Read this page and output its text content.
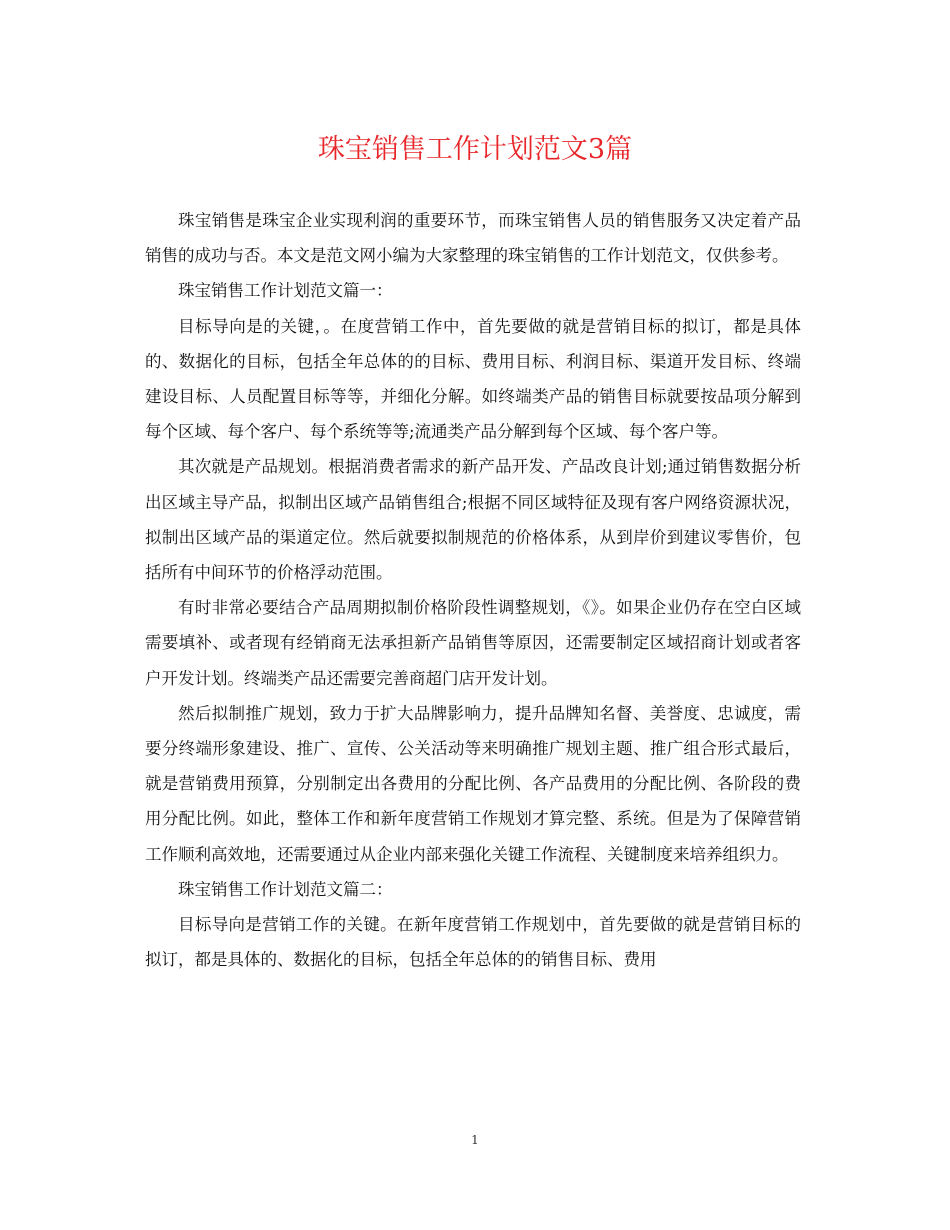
珠宝销售工作计划范文3篇

珠宝销售是珠宝企业实现利润的重要环节，而珠宝销售人员的销售服务又决定着产品销售的成功与否。本文是范文网小编为大家整理的珠宝销售的工作计划范文，仅供参考。

珠宝销售工作计划范文篇一：

目标导向是的关键，。在度营销工作中，首先要做的就是营销目标的拟订，都是具体的、数据化的目标，包括全年总体的的目标、费用目标、利润目标、渠道开发目标、终端建设目标、人员配置目标等等，并细化分解。如终端类产品的销售目标就要按品项分解到每个区域、每个客户、每个系统等等;流通类产品分解到每个区域、每个客户等。

其次就是产品规划。根据消费者需求的新产品开发、产品改良计划;通过销售数据分析出区域主导产品，拟制出区域产品销售组合;根据不同区域特征及现有客户网络资源状况，拟制出区域产品的渠道定位。然后就要拟制规范的价格体系，从到岸价到建议零售价，包括所有中间环节的价格浮动范围。

有时非常必要结合产品周期拟制价格阶段性调整规划，《》。如果企业仍存在空白区域需要填补、或者现有经销商无法承担新产品销售等原因，还需要制定区域招商计划或者客户开发计划。终端类产品还需要完善商超门店开发计划。

然后拟制推广规划，致力于扩大品牌影响力，提升品牌知名督、美誉度、忠诚度，需要分终端形象建设、推广、宣传、公关活动等来明确推广规划主题、推广组合形式最后，就是营销费用预算，分别制定出各费用的分配比例、各产品费用的分配比例、各阶段的费用分配比例。如此，整体工作和新年度营销工作规划才算完整、系统。但是为了保障营销工作顺利高效地，还需要通过从企业内部来强化关键工作流程、关键制度来培养组织力。

珠宝销售工作计划范文篇二：

目标导向是营销工作的关键。在新年度营销工作规划中，首先要做的就是营销目标的拟订，都是具体的、数据化的目标，包括全年总体的的销售目标、费用

1
